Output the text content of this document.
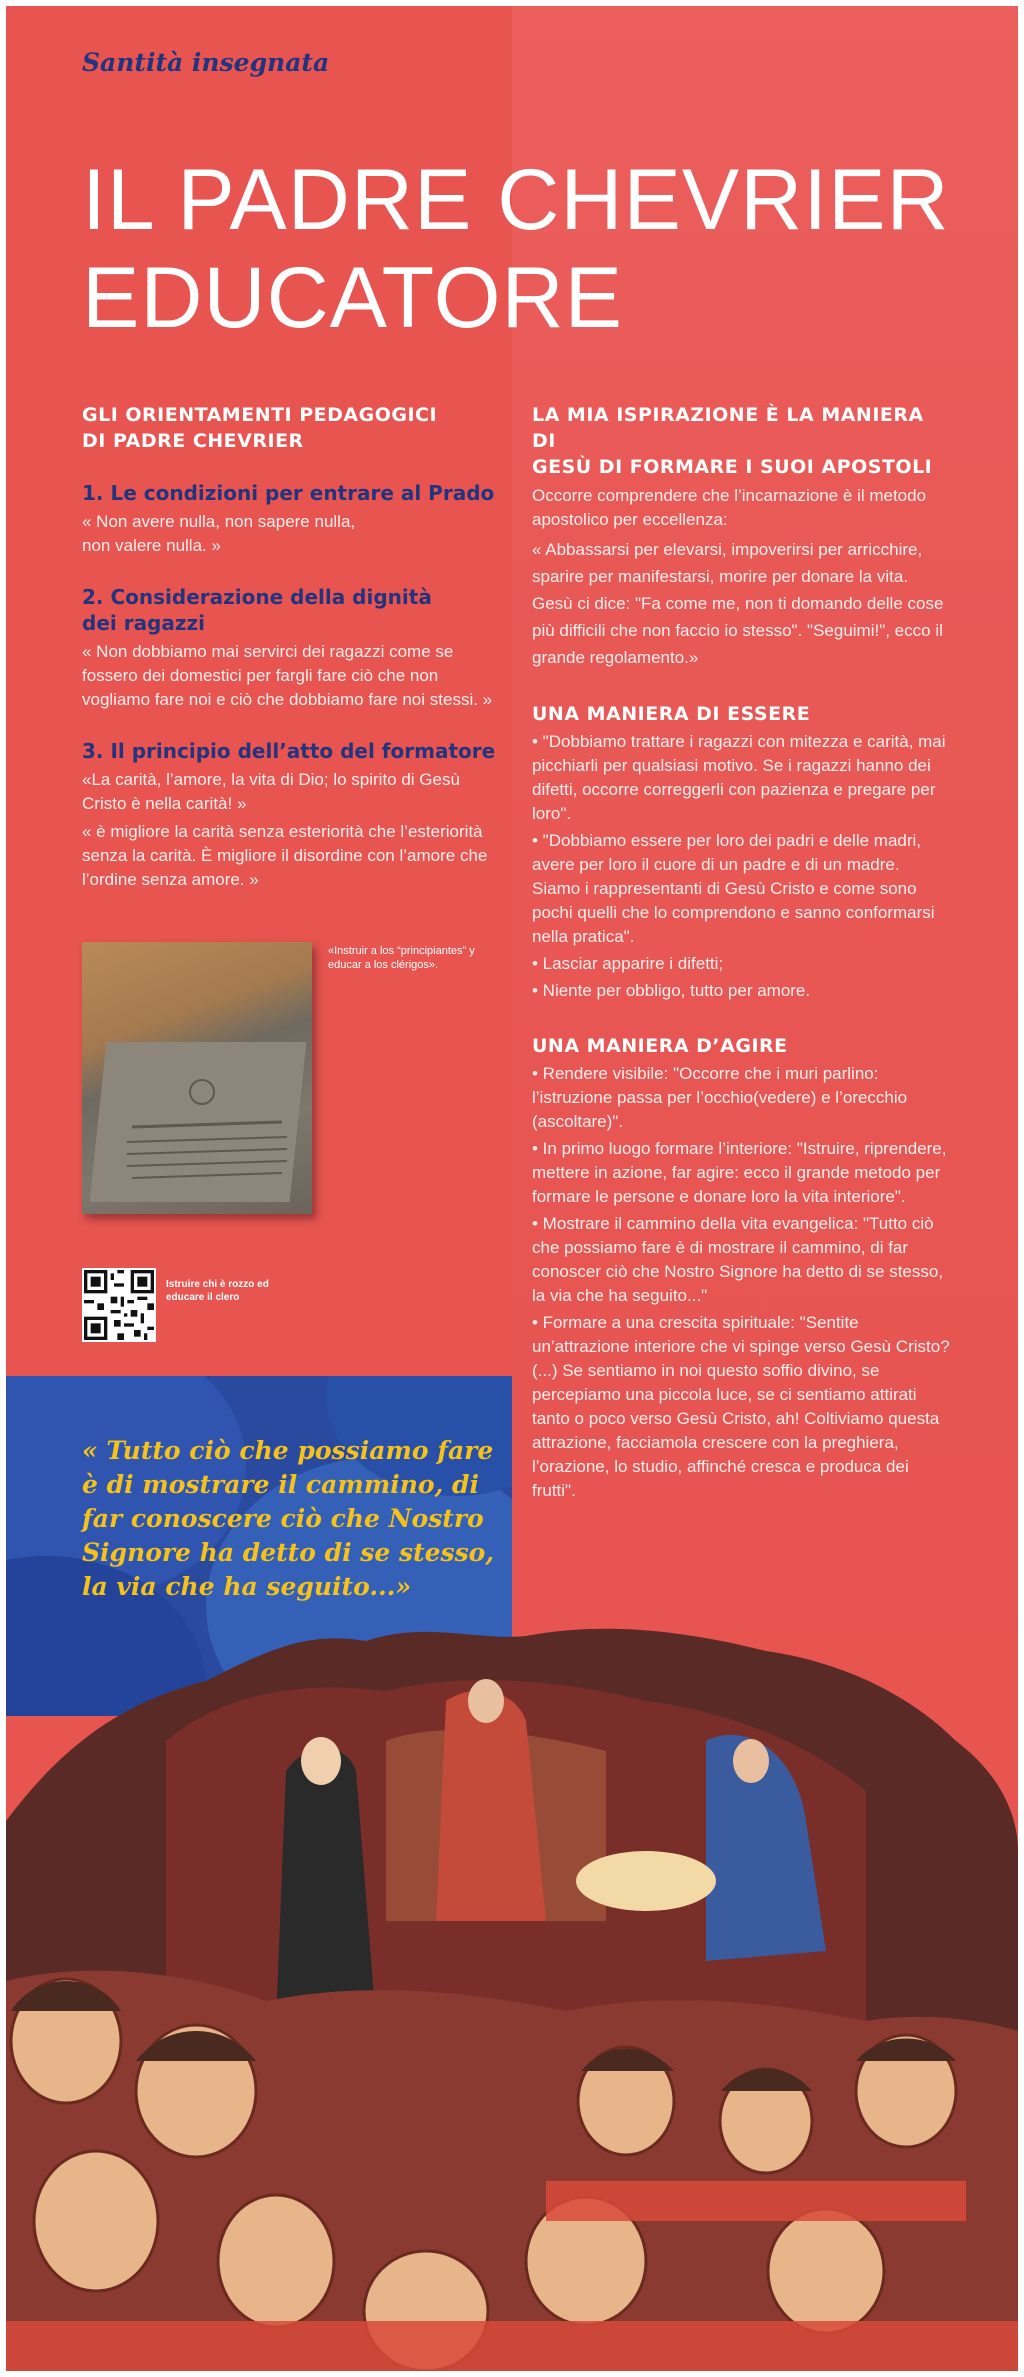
Santità insegnata
IL PADRE CHEVRIER
EDUCATORE
GLI ORIENTAMENTI PEDAGOGICI
DI PADRE CHEVRIER
1. Le condizioni per entrare al Prado

« Non avere nulla, non sapere nulla, non valere nulla. »

2. Considerazione della dignità dei ragazzi

« Non dobbiamo mai servirci dei ragazzi come se fossero dei domestici per fargli fare ciò che non vogliamo fare noi e ciò che dobbiamo fare noi stessi. »

3. Il principio dell’atto del formatore

«La carità, l’amore, la vita di Dio; lo spirito di Gesù Cristo è nella carità! »

« è migliore la carità senza esteriorità che l’esteriorità senza la carità. È migliore il disordine con l’amore che l’ordine senza amore. »

«Instruir a los “principiantes” y educar a los clérigos».
Istruire chi è rozzo ed educare il clero
« Tutto ciò che possiamo fare è di mostrare il cammino, di far conoscere ciò che Nostro Signore ha detto di se stesso, la via che ha seguito...»
LA MIA ISPIRAZIONE È LA MANIERA DI
GESÙ DI FORMARE I SUOI APOSTOLI

Occorre comprendere che l’incarnazione è il metodo apostolico per eccellenza:

« Abbassarsi per elevarsi, impoverirsi per arricchire, sparire per manifestarsi, morire per donare la vita. Gesù ci dice: "Fa come me, non ti domando delle cose più difficili che non faccio io stesso". "Seguimi!", ecco il grande regolamento.»

UNA MANIERA DI ESSERE

• "Dobbiamo trattare i ragazzi con mitezza e carità, mai picchiarli per qualsiasi motivo. Se i ragazzi hanno dei difetti, occorre correggerli con pazienza e pregare per loro".

• "Dobbiamo essere per loro dei padri e delle madri, avere per loro il cuore di un padre e di un madre. Siamo i rappresentanti di Gesù Cristo e come sono pochi quelli che lo comprendono e sanno conformarsi nella pratica".

• Lasciar apparire i difetti;

• Niente per obbligo, tutto per amore.

UNA MANIERA D’AGIRE

• Rendere visibile: "Occorre che i muri parlino: l’istruzione passa per l’occhio(vedere) e l’orecchio (ascoltare)".

• In primo luogo formare l’interiore: "Istruire, riprendere, mettere in azione, far agire: ecco il grande metodo per formare le persone e donare loro la vita interiore".

• Mostrare il cammino della vita evangelica: "Tutto ciò che possiamo fare è di mostrare il cammino, di far conoscer ciò che Nostro Signore ha detto di se stesso, la via che ha seguito..."

• Formare a una crescita spirituale: "Sentite un’attrazione interiore che vi spinge verso Gesù Cristo? (...) Se sentiamo in noi questo soffio divino, se percepiamo una piccola luce, se ci sentiamo attirati tanto o poco verso Gesù Cristo, ah! Coltiviamo questa attrazione, facciamola crescere con la preghiera, l’orazione, lo studio, affinché cresca e produca dei frutti".
